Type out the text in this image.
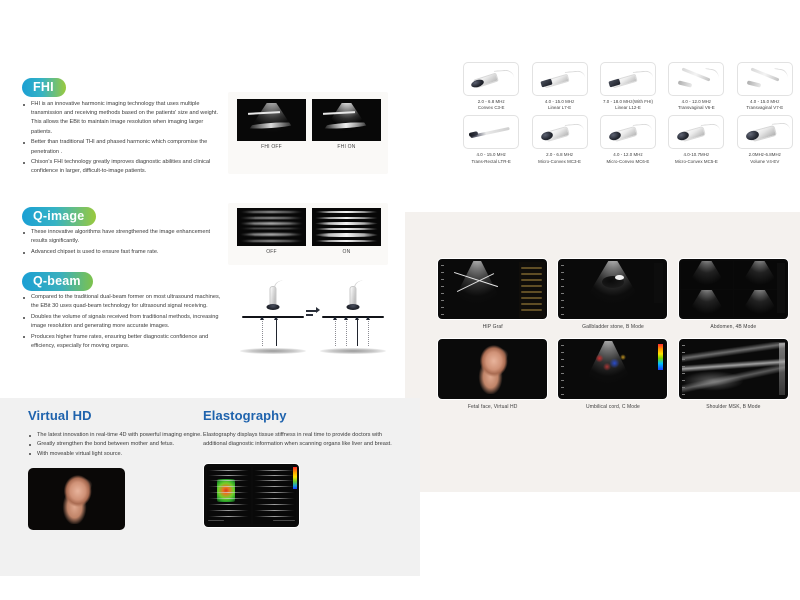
FHI
FHI is an innovative harmonic imaging technology that uses multiple transmission and receiving methods based on the patients' size and weight. This allows the EBit to maintain image resolution when imaging larger patients.
Better than traditional THI and phased harmonic which compromise the penetration .
Chison's FHI technology greatly improves diagnostic abilities and clinical confidence in larger, difficult-to-image patients.
FHI OFF	FHI ON
Q-image
These innovative algorithms have strengthened the image enhancement results significantly.
Advanced chipset is used to ensure fast frame rate.	OFF	ON
Q-beam
Compared to the traditional dual-beam former on most ultrasound machines, the EBit 30 uses quad-beam technology for ultrasound signal receiving.
Doubles the volume of signals received from traditional methods, increasing image resolution and generating more accurate images.
Produces higher frame rates, ensuring better diagnostic confidence and efficiency, especially for moving organs.
2.0 - 6.8 MHz
Convex C3-E
4.0 - 15.0 MHz
Linear L7-E
7.0 - 18.0 MHz(With FHI)
Linear L12-E
4.0 - 12.0 MHz
Transvaginal V6-E
4.0 - 15.0 MHz
Transvaginal V7-E
4.0 - 15.0 MHz
Trans-Rectal LTR-E
2.0 - 6.8 MHz
Micro-Convex MC3-E
4.0 - 12.0 MHz
Micro-Convex MC6-E
4.0-10.7MHz
Micro-Convex MC5-E
2.0MHz-6.8MHz
Volume V4-EV
HIP Graf	Gallbladder stone, B Mode	Abdomen, 4B Mode
Fetal face, Virtual HD	Umbilical cord, C Mode	Shoulder MSK, B Mode
Virtual HD
The latest innovation in real-time 4D with powerful imaging engine.
Greatly strengthen the bond between mother and fetus.
With moveable virtual light source.
Elastography
Elastography displays tissue stiffness in real time to provide doctors with additional diagnostic information when scanning organs like liver and breast.
